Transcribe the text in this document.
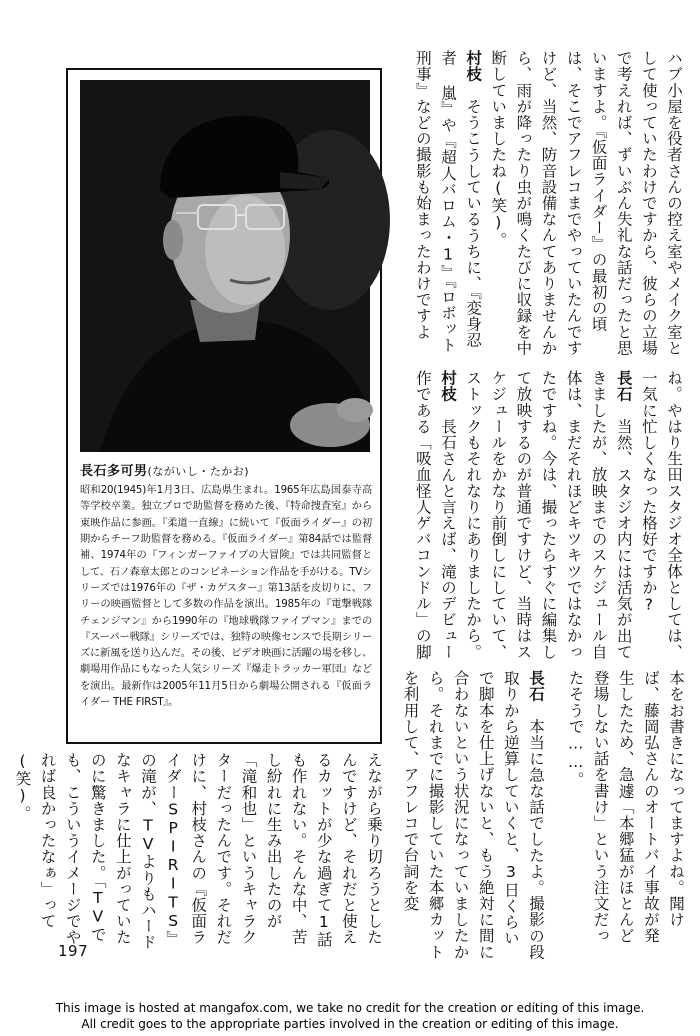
長石多可男(ながいし・たかお)

昭和20(1945)年1月3日、広島県生まれ。1965年広島国泰寺高等学校卒業。独立プロで助監督を務めた後、『特命捜査室』から東映作品に参画。『柔道一直線』に続いて『仮面ライダー』の初期からチーフ助監督を務める。『仮面ライダー』第84話では監督補、1974年の『フィンガーファイブの大冒険』では共同監督として、石ノ森章太郎とのコンビネーション作品を手がける。TVシリーズでは1976年の『ザ・カゲスター』第13話を皮切りに、フリーの映画監督として多数の作品を演出。1985年の『電撃戦隊チェンジマン』から1990年の『地球戦隊ファイブマン』までの『スーパー戦隊』シリーズでは、独特の映像センスで長期シリーズに新風を送り込んだ。その後、ビデオ映画に活躍の場を移し、劇場用作品にもなった人気シリーズ『爆走トラッカー軍団』などを演出。最新作は2005年11月5日から劇場公開される『仮面ライダー THE FIRST』。

ハブ小屋を役者さんの控え室やメイク室として使っていたわけですから、彼らの立場で考えれば、ずいぶん失礼な話だったと思いますよ。『仮面ライダー』の最初の頃は、そこでアフレコまでやっていたんですけど、当然、防音設備なんてありませんから、雨が降ったり虫が鳴くたびに収録を中断していましたね(笑)。
村枝　そうこうしているうちに、『変身忍者 嵐』や『超人バロム・1』『ロボット刑事』などの撮影も始まったわけですよ

ね。やはり生田スタジオ全体としては、一気に忙しくなった格好ですか?
長石　当然、スタジオ内には活気が出てきましたが、放映までのスケジュール自体は、まだそれほどキツキツではなかったですね。今は、撮ったらすぐに編集して放映するのが普通ですけど、当時はスケジュールをかなり前倒しにしていて、ストックもそれなりにありましたから。
村枝　長石さんと言えば、滝のデビュー作である「吸血怪人ゲバコンドル」の脚

本をお書きになってますよね。聞けば、藤岡弘さんのオートバイ事故が発生したため、急遽「本郷猛がほとんど登場しない話を書け」という注文だったそうで……。

長石　本当に急な話でしたよ。撮影の段取りから逆算していくと、3日くらいで脚本を仕上げないと、もう絶対に間に合わないという状況になっていましたから。それまでに撮影していた本郷カットを利用して、アフレコで台詞を変

えながら乗り切ろうとしたんですけど、それだと使えるカットが少な過ぎて1話も作れない。そんな中、苦し紛れに生み出したのが「滝和也」というキャラクターだったんです。それだけに、村枝さんの『仮面ライダーSPIRITS』の滝が、TVよりもハードなキャラに仕上がっていたのに驚きました。「TVでも、こういうイメージでやれば良かったなぁ」って(笑)。

197
This image is hosted at mangafox.com, we take no credit for the creation or editing of this image.
All credit goes to the appropriate parties involved in the creation or editing of this image.
